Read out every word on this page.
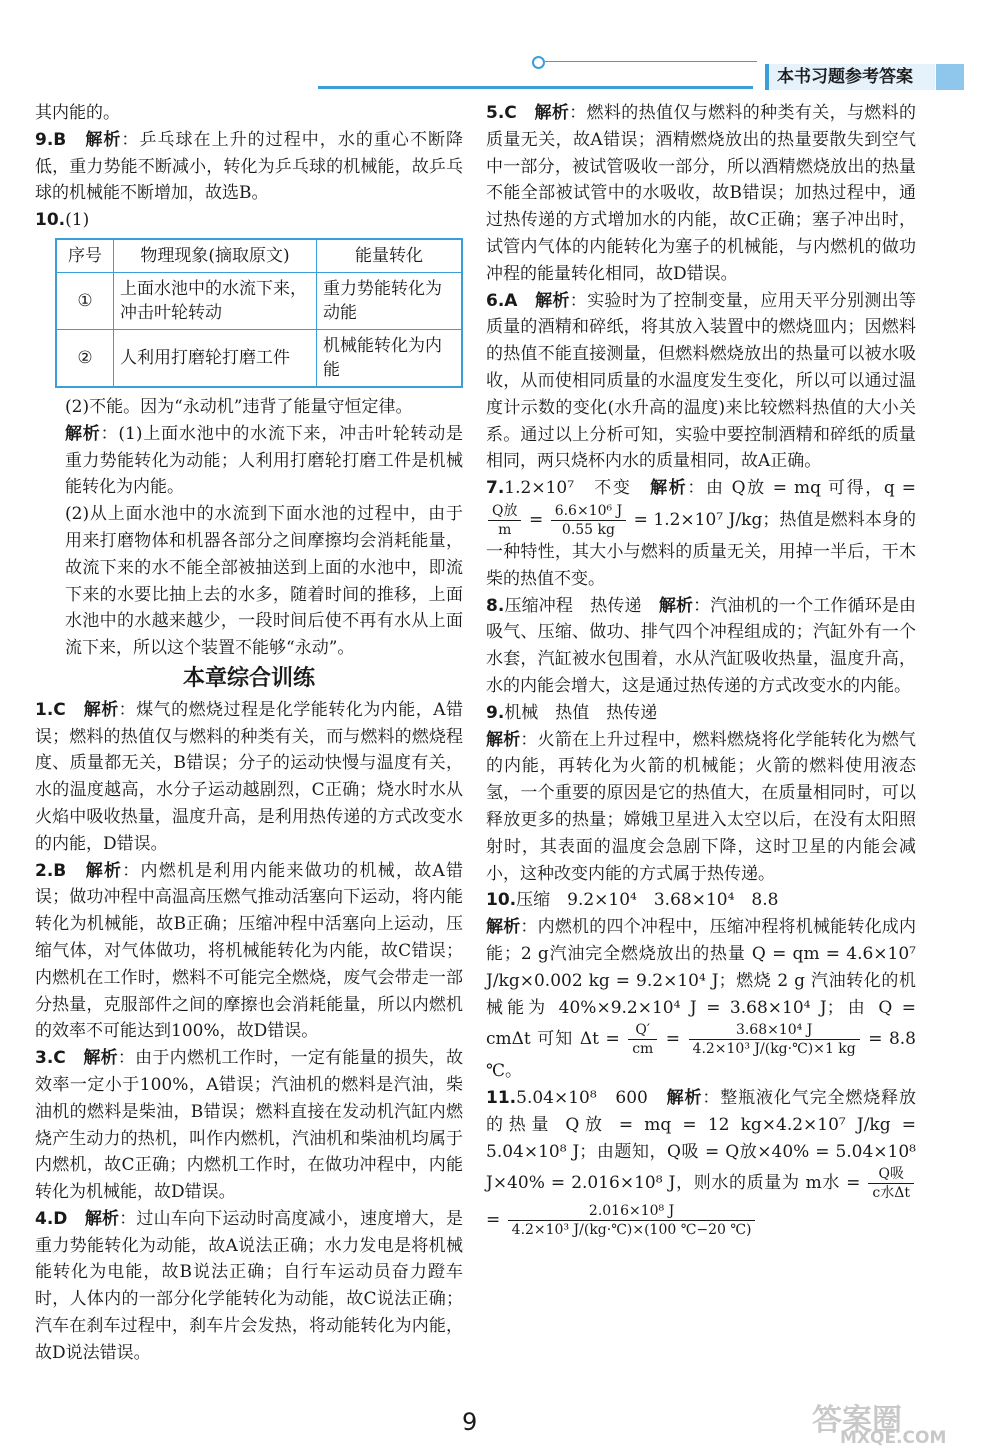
本书习题参考答案

其内能的。

9.B　 解析：乒乓球在上升的过程中，水的重心不断降低，重力势能不断减小，转化为乒乓球的机械能，故乒乓球的机械能不断增加，故选B。

10.(1)

序号	物理现象(摘取原文)	能量转化
①	上面水池中的水流下来，冲击叶轮转动	重力势能转化为动能
②	人利用打磨轮打磨工件	机械能转化为内能

(2)不能。因为“永动机”违背了能量守恒定律。

解析：(1)上面水池中的水流下来，冲击叶轮转动是重力势能转化为动能；人利用打磨轮打磨工件是机械能转化为内能。

(2)从上面水池中的水流到下面水池的过程中，由于用来打磨物体和机器各部分之间摩擦均会消耗能量，故流下来的水不能全部被抽送到上面的水池中，即流下来的水要比抽上去的水多，随着时间的推移，上面水池中的水越来越少，一段时间后使不再有水从上面流下来，所以这个装置不能够“永动”。

本章综合训练

1.C　 解析：煤气的燃烧过程是化学能转化为内能，A错误；燃料的热值仅与燃料的种类有关，而与燃料的燃烧程度、质量都无关，B错误；分子的运动快慢与温度有关，水的温度越高，水分子运动越剧烈，C正确；烧水时水从火焰中吸收热量，温度升高，是利用热传递的方式改变水的内能，D错误。

2.B　 解析：内燃机是利用内能来做功的机械，故A错误；做功冲程中高温高压燃气推动活塞向下运动，将内能转化为机械能，故B正确；压缩冲程中活塞向上运动，压缩气体，对气体做功，将机械能转化为内能，故C错误；内燃机在工作时，燃料不可能完全燃烧，废气会带走一部分热量，克服部件之间的摩擦也会消耗能量，所以内燃机的效率不可能达到100%，故D错误。

3.C　 解析：由于内燃机工作时，一定有能量的损失，故效率一定小于100%，A错误；汽油机的燃料是汽油，柴油机的燃料是柴油，B错误；燃料直接在发动机汽缸内燃烧产生动力的热机，叫作内燃机，汽油机和柴油机均属于内燃机，故C正确；内燃机工作时，在做功冲程中，内能转化为机械能，故D错误。

4.D　 解析：过山车向下运动时高度减小，速度增大，是重力势能转化为动能，故A说法正确；水力发电是将机械能转化为电能，故B说法正确；自行车运动员奋力蹬车时，人体内的一部分化学能转化为动能，故C说法正确；汽车在刹车过程中，刹车片会发热，将动能转化为内能，故D说法错误。

5.C　 解析：燃料的热值仅与燃料的种类有关，与燃料的质量无关，故A错误；酒精燃烧放出的热量要散失到空气中一部分，被试管吸收一部分，所以酒精燃烧放出的热量不能全部被试管中的水吸收，故B错误；加热过程中，通过热传递的方式增加水的内能，故C正确；塞子冲出时，试管内气体的内能转化为塞子的机械能，与内燃机的做功冲程的能量转化相同，故D错误。

6.A　 解析：实验时为了控制变量，应用天平分别测出等质量的酒精和碎纸，将其放入装置中的燃烧皿内；因燃料的热值不能直接测量，但燃料燃烧放出的热量可以被水吸收，从而使相同质量的水温度发生变化，所以可以通过温度计示数的变化(水升高的温度)来比较燃料热值的大小关系。通过以上分析可知，实验中要控制酒精和碎纸的质量相同，两只烧杯内水的质量相同，故A正确。

7.1.2×10⁷　不变　 解析：由 Q放 = mq 可得，q =
$\frac{\text{Q放}}{m} = \frac{\text{6.6×10⁶ J}}{0.55 kg} = 1.2\times 10^7$ J/kg；热值是燃料本身的一种特性，其大小与燃料的质量无关，用掉一半后，干木柴的热值不变。

8.压缩冲程　热传递　 解析：汽油机的一个工作循环是由吸气、压缩、做功、排气四个冲程组成的；汽缸外有一个水套，汽缸被水包围着，水从汽缸吸收热量，温度升高，水的内能会增大，这是通过热传递的方式改变水的内能。

9.机械　热值　热传递
解析：火箭在上升过程中，燃料燃烧将化学能转化为燃气的内能，再转化为火箭的机械能；火箭的燃料使用液态氢，一个重要的原因是它的热值大，在质量相同时，可以释放更多的热量；嫦娥卫星进入太空以后，在没有太阳照射时，其表面的温度会急剧下降，这时卫星的内能会减小，这种改变内能的方式属于热传递。

10.压缩　9.2×10⁴　3.68×10⁴　8.8
解析：内燃机的四个冲程中，压缩冲程将机械能转化成内能；2 g汽油完全燃烧放出的热量 Q = qm = 4.6×10⁷ J/kg×0.002 kg = 9.2×10⁴ J；燃烧 2 g 汽油转化的机械能为 40%×9.2×10⁴ J = 3.68×10⁴ J；由 Q = cmΔt 可知 $\Delta t = \frac{Q'}{cm} = \frac{\text{3.68×10⁴ J}}{\text{4.2×10³ J/(kg·℃)×1 kg}} = 8.8$ ℃。

11.5.04×10⁸　600　 解析：整瓶液化气完全燃烧释放的热量 Q放 = mq = 12 kg×4.2×10⁷ J/kg = 5.04×10⁸ J；由题知，Q吸 = Q放×40% = 5.04×10⁸ J×40% = 2.016×10⁸ J，则水的质量为 m水 = $\frac{\text{Q吸}}{\text{c水Δt}}$
= $\frac{\text{2.016×10⁸ J}}{\text{4.2×10³ J/(kg·℃)×(100 ℃−20 ℃)}}$

9	答案圈
MXQE.COM
